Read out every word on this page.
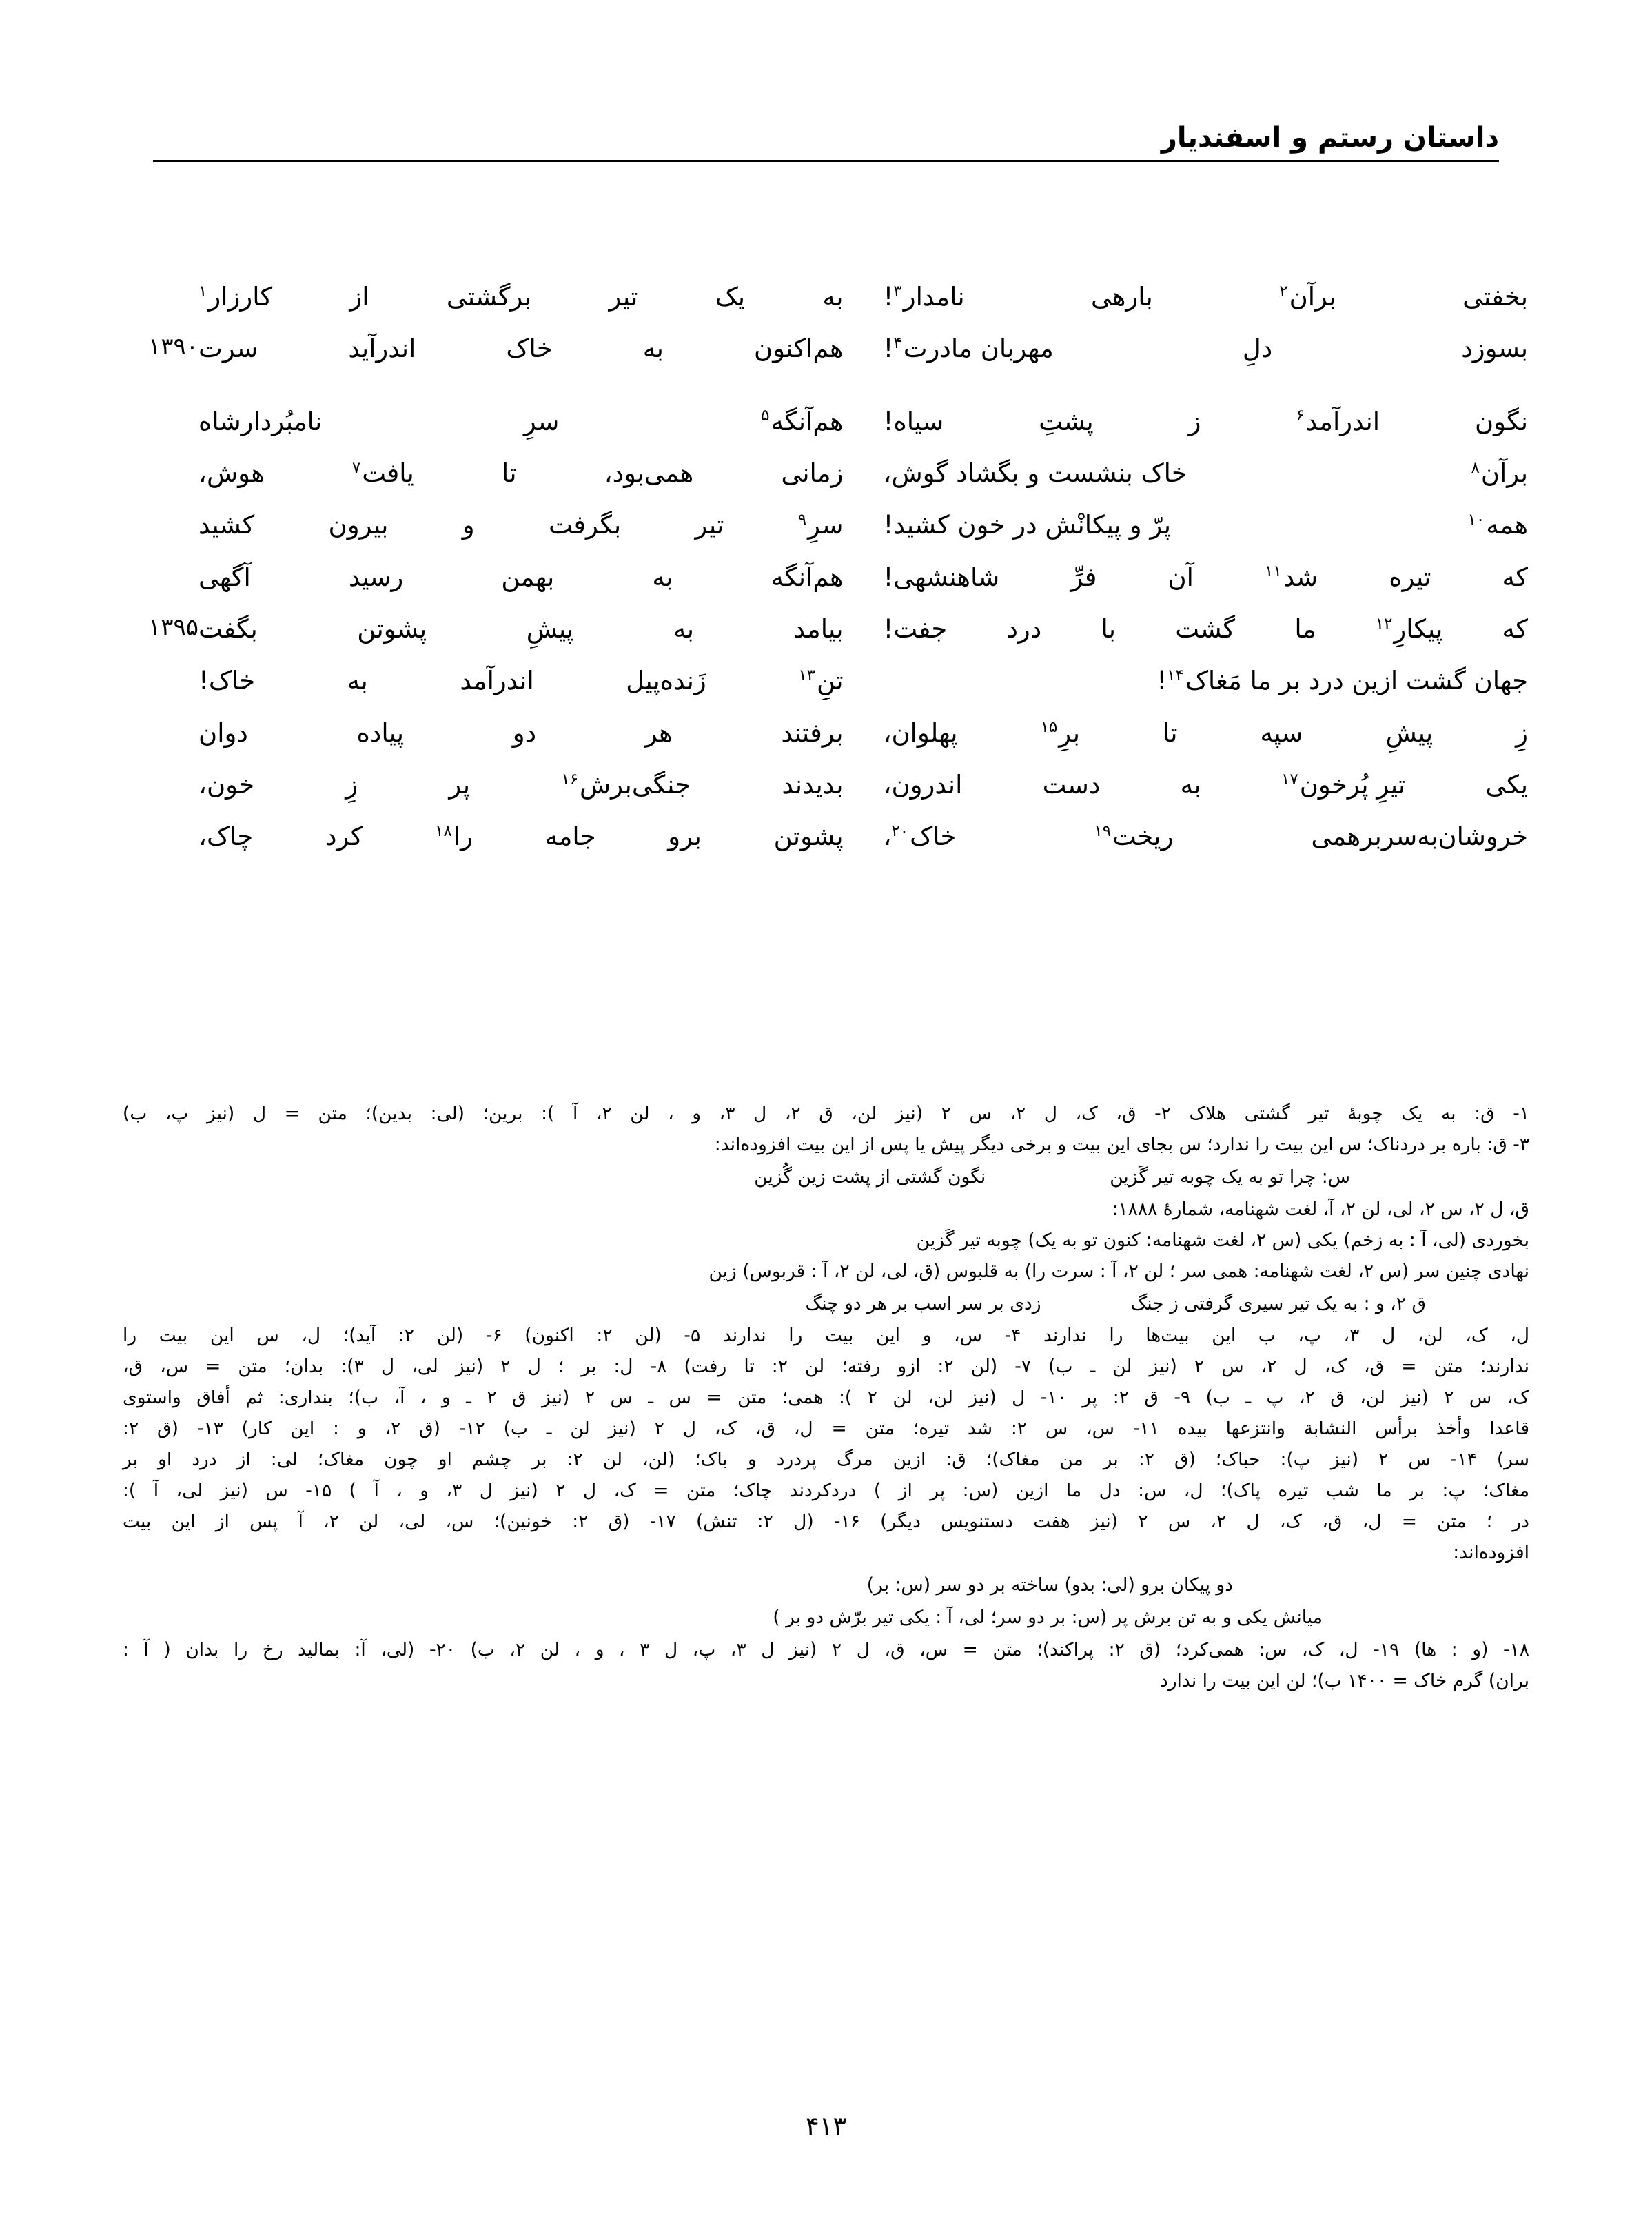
داستان رستم و اسفندیار
بخفتی
برآن$^۲$
بارهی
نامدار$^۳$!
به
یک
تیر
برگشتی
از
کارزار$^۱$
بسوزد
دلِ
مهربان مادرت$^۴$!
هم‌اکنون
به
خاک
اندرآید
سرت
۱۳۹۰
نگون
اندرآمد$^۶$
ز
پشتِ
سیاه!
هم‌آنگه$^۵$
سرِ
نامبُردارشاه
برآن$^۸$
خاک بنشست و بگشاد گوش،
زمانی
همی‌بود،
تا
یافت$^۷$
هوش،
همه$^{۱۰}$
پرّ و پیکانْش در خون کشید!
سرِ$^۹$
تیر
بگرفت
و
بیرون
کشید
که
تیره
شد$^{۱۱}$
آن
فرِّ
شاهنشهی!
هم‌آنگه
به
بهمن
رسید
آگهی
که
پیکارِ$^{۱۲}$
ما
گشت
با
درد
جفت!
بیامد
به
پیشِ
پشوتن
بگفت
۱۳۹۵
جهان گشت ازین درد بر ما مَغاک$^{۱۴}$!
تنِ$^{۱۳}$
زَنده‌پیل
اندرآمد
به
خاک!
زِ
پیشِ
سپه
تا
برِ$^{۱۵}$
پهلوان،
برفتند
هر
دو
پیاده
دوان
یکی
تیرِ پُرخون$^{۱۷}$
به
دست
اندرون،
بدیدند
جنگی‌برش$^{۱۶}$
پر
زِ
خون،
خروشان‌به‌سربرهمی
ریخت$^{۱۹}$
خاک$^{۲۰}$،
پشوتن
برو
جامه
را$^{۱۸}$
کرد
چاک،
۱- ق: به یک چوبهٔ تیر گشتی هلاک ۲- ق، ک، ل ۲، س ۲ (نیز لن، ق ۲، ل ۳، و ، لن ۲، آ ): برین؛ (لی: بدین)؛ متن = ل (نیز پ، ب)
۳- ق: باره بر دردناک؛ س این بیت را ندارد؛ س بجای این بیت و برخی دیگر پیش یا پس از این بیت افزوده‌اند:
س: چرا تو به یک چوبه تیر گَزین
نگون گشتی از پشت زین گُزین
ق، ل ۲، س ۲، لی، لن ۲، آ، لغت شهنامه، شمارهٔ ۱۸۸۸:
بخوردی (لی، آ : به زخم) یکی (س ۲، لغت شهنامه: کنون تو به یک) چوبه تیر گَزین
نهادی چنین سر (س ۲، لغت شهنامه: همی سر ؛ لن ۲، آ : سرت را) به قلبوس (ق، لی، لن ۲، آ : قربوس) زین
ق ۲، و : به یک تیر سیری گرفتی ز جنگ
زدی بر سر اسب بر هر دو چنگ
ل، ک، لن، ل ۳، پ، ب این بیت‌ها را ندارند ۴- س، و این بیت را ندارند ۵- (لن ۲: اکنون) ۶- (لن ۲: آید)؛ ل، س این بیت را
ندارند؛ متن = ق، ک، ل ۲، س ۲ (نیز لن ـ ب) ۷- (لن ۲: ازو رفته؛ لن ۲: تا رفت) ۸- ل: بر ؛ ل ۲ (نیز لی، ل ۳): بدان؛ متن = س، ق،
ک، س ۲ (نیز لن، ق ۲، پ ـ ب) ۹- ق ۲: پر ۱۰- ل (نیز لن، لن ۲ ): همی؛ متن = س ـ س ۲ (نیز ق ۲ ـ و ، آ، ب)؛ بنداری: ثم أفاق واستوی
قاعدا وأخذ برأس النشابة وانتزعها بیده ۱۱- س، س ۲: شد تیره؛ متن = ل، ق، ک، ل ۲ (نیز لن ـ ب) ۱۲- (ق ۲، و : این کار) ۱۳- (ق ۲:
سر) ۱۴- س ۲ (نیز پ): حباک؛ (ق ۲: بر من مغاک)؛ ق: ازین مرگ پردرد و باک؛ (لن، لن ۲: بر چشم او چون مغاک؛ لی: از درد او بر
مغاک؛ پ: بر ما شب تیره پاک)؛ ل، س: دل ما ازین (س: پر از ) دردکردند چاک؛ متن = ک، ل ۲ (نیز ل ۳، و ، آ ) ۱۵- س (نیز لی، آ ):
در ؛ متن = ل، ق، ک، ل ۲، س ۲ (نیز هفت دستنویس دیگر) ۱۶- (ل ۲: تنش) ۱۷- (ق ۲: خونین)؛ س، لی، لن ۲، آ پس از این بیت
افزوده‌اند:
دو پیکان برو (لی: بدو) ساخته بر دو سر (س: بر)
میانش یکی و به تن برش پر (س: بر دو سر؛ لی، آ : یکی تیر برّش دو بر )
۱۸- (و : ها) ۱۹- ل، ک، س: همی‌کرد؛ (ق ۲: پراکند)؛ متن = س، ق، ل ۲ (نیز ل ۳، پ، ل ۳ ، و ، لن ۲، ب) ۲۰- (لی، آ: بمالید رخ را بدان ( آ :
بران) گرم خاک = ۱۴۰۰ ب)؛ لن این بیت را ندارد
۴۱۳
